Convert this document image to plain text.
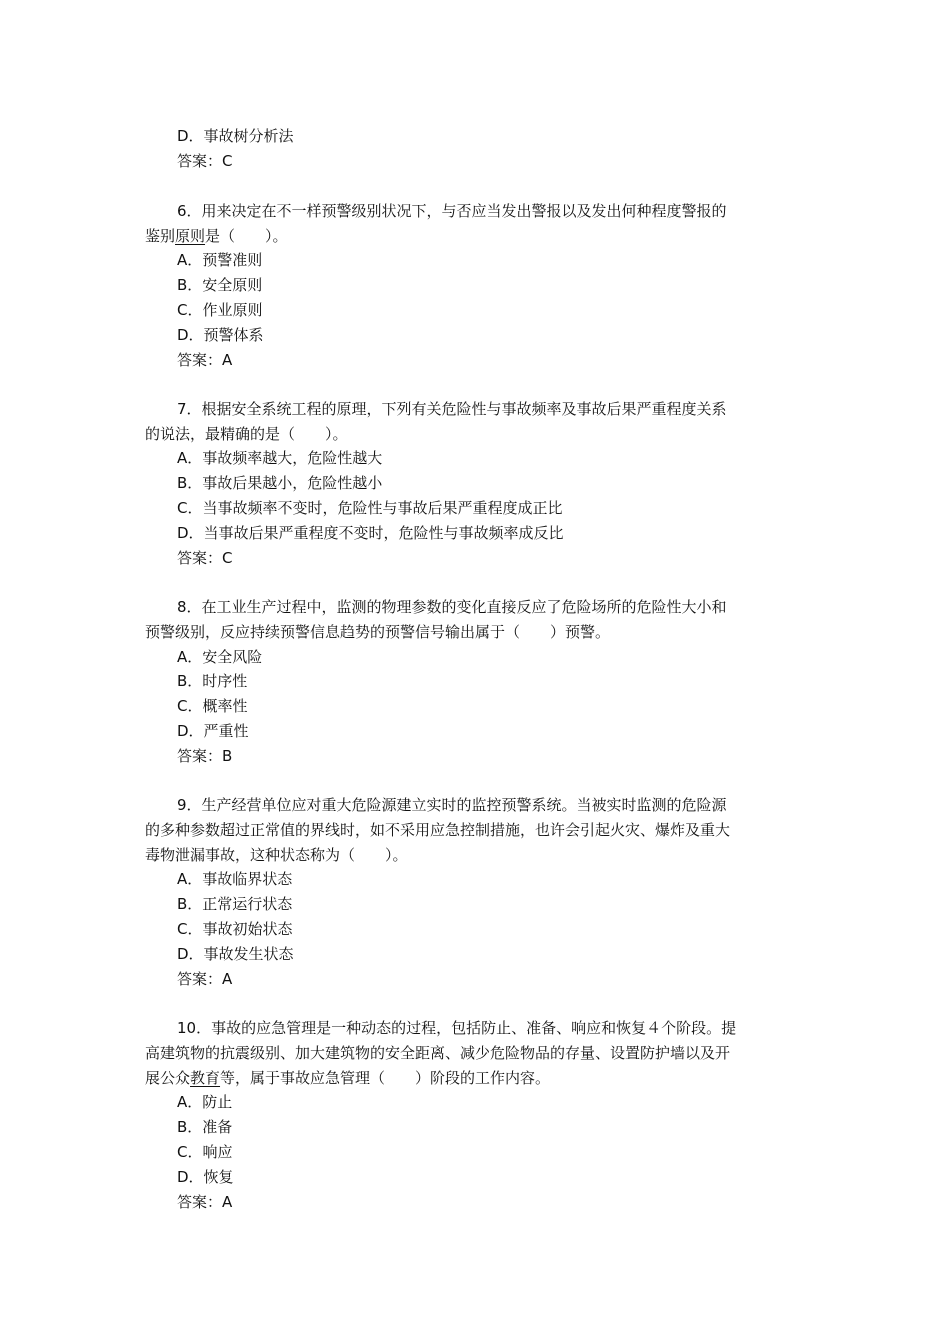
D．事故树分析法
答案：C
6．用来决定在不一样预警级别状况下，与否应当发出警报以及发出何种程度警报的
鉴别原则是（　　）。
A．预警准则
B．安全原则
C．作业原则
D．预警体系
答案：A
7．根据安全系统工程的原理，下列有关危险性与事故频率及事故后果严重程度关系
的说法，最精确的是（　　）。
A．事故频率越大，危险性越大
B．事故后果越小，危险性越小
C．当事故频率不变时，危险性与事故后果严重程度成正比
D．当事故后果严重程度不变时，危险性与事故频率成反比
答案：C
8．在工业生产过程中，监测的物理参数的变化直接反应了危险场所的危险性大小和
预警级别，反应持续预警信息趋势的预警信号输出属于（　　）预警。
A．安全风险
B．时序性
C．概率性
D．严重性
答案：B
9．生产经营单位应对重大危险源建立实时的监控预警系统。当被实时监测的危险源
的多种参数超过正常值的界线时，如不采用应急控制措施，也许会引起火灾、爆炸及重大
毒物泄漏事故，这种状态称为（　　）。
A．事故临界状态
B．正常运行状态
C．事故初始状态
D．事故发生状态
答案：A
10．事故的应急管理是一种动态的过程，包括防止、准备、响应和恢复４个阶段。提
高建筑物的抗震级别、加大建筑物的安全距离、减少危险物品的存量、设置防护墙以及开
展公众教育等，属于事故应急管理（　　）阶段的工作内容。
A．防止
B．准备
C．响应
D．恢复
答案：A
